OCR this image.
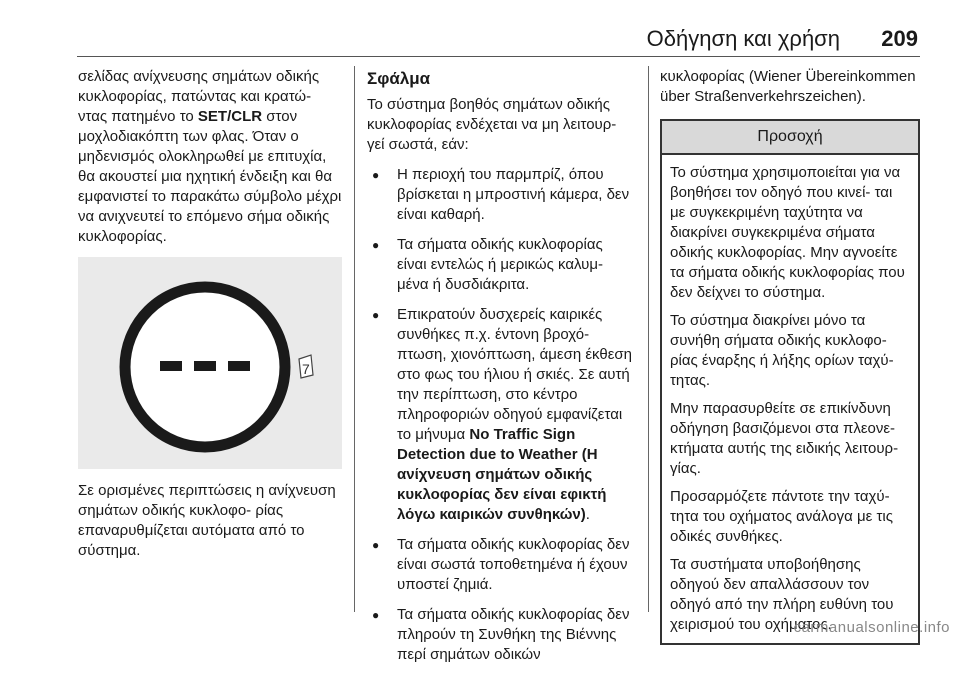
Οδήγηση και χρήση 209

σελίδας ανίχνευσης σημάτων οδικής κυκλοφορίας, πατώντας και κρατώ- ντας πατημένο το SET/CLR στον μοχλοδιακόπτη των φλας. Όταν ο μηδενισμός ολοκληρωθεί με επιτυχία, θα ακουστεί μια ηχητική ένδειξη και θα εμφανιστεί το παρακάτω σύμβολο μέχρι να ανιχνευτεί το επόμενο σήμα οδικής κυκλοφορίας.

7

Σε ορισμένες περιπτώσεις η ανίχνευση σημάτων οδικής κυκλοφο- ρίας επαναρυθμίζεται αυτόματα από το σύστημα.

Σφάλμα

Το σύστημα βοηθός σημάτων οδικής κυκλοφορίας ενδέχεται να μη λειτουρ- γεί σωστά, εάν:

● Η περιοχή του παρμπρίζ, όπου βρίσκεται η μπροστινή κάμερα, δεν είναι καθαρή.
● Τα σήματα οδικής κυκλοφορίας είναι εντελώς ή μερικώς καλυμ- μένα ή δυσδιάκριτα.
● Επικρατούν δυσχερείς καιρικές συνθήκες π.χ. έντονη βροχό- πτωση, χιονόπτωση, άμεση έκθεση στο φως του ήλιου ή σκιές. Σε αυτή την περίπτωση, στο κέντρο πληροφοριών οδηγού εμφανίζεται το μήνυμα No Traffic Sign Detection due to Weather (Η ανίχνευση σημάτων οδικής κυκλοφορίας δεν είναι εφικτή λόγω καιρικών συνθηκών).
● Τα σήματα οδικής κυκλοφορίας δεν είναι σωστά τοποθετημένα ή έχουν υποστεί ζημιά.
● Τα σήματα οδικής κυκλοφορίας δεν πληρούν τη Συνθήκη της Βιέννης περί σημάτων οδικών

κυκλοφορίας (Wiener Übereinkommen über Straßenverkehrszeichen).

Προσοχή

Το σύστημα χρησιμοποιείται για να βοηθήσει τον οδηγό που κινεί- ται με συγκεκριμένη ταχύτητα να διακρίνει συγκεκριμένα σήματα οδικής κυκλοφορίας. Μην αγνοείτε τα σήματα οδικής κυκλοφορίας που δεν δείχνει το σύστημα.

Το σύστημα διακρίνει μόνο τα συνήθη σήματα οδικής κυκλοφο- ρίας έναρξης ή λήξης ορίων ταχύ- τητας.

Μην παρασυρθείτε σε επικίνδυνη οδήγηση βασιζόμενοι στα πλεονε- κτήματα αυτής της ειδικής λειτουρ- γίας.

Προσαρμόζετε πάντοτε την ταχύ- τητα του οχήματος ανάλογα με τις οδικές συνθήκες.

Τα συστήματα υποβοήθησης οδηγού δεν απαλλάσσουν τον οδηγό από την πλήρη ευθύνη του χειρισμού του οχήματος.

carmanualsonline.info
